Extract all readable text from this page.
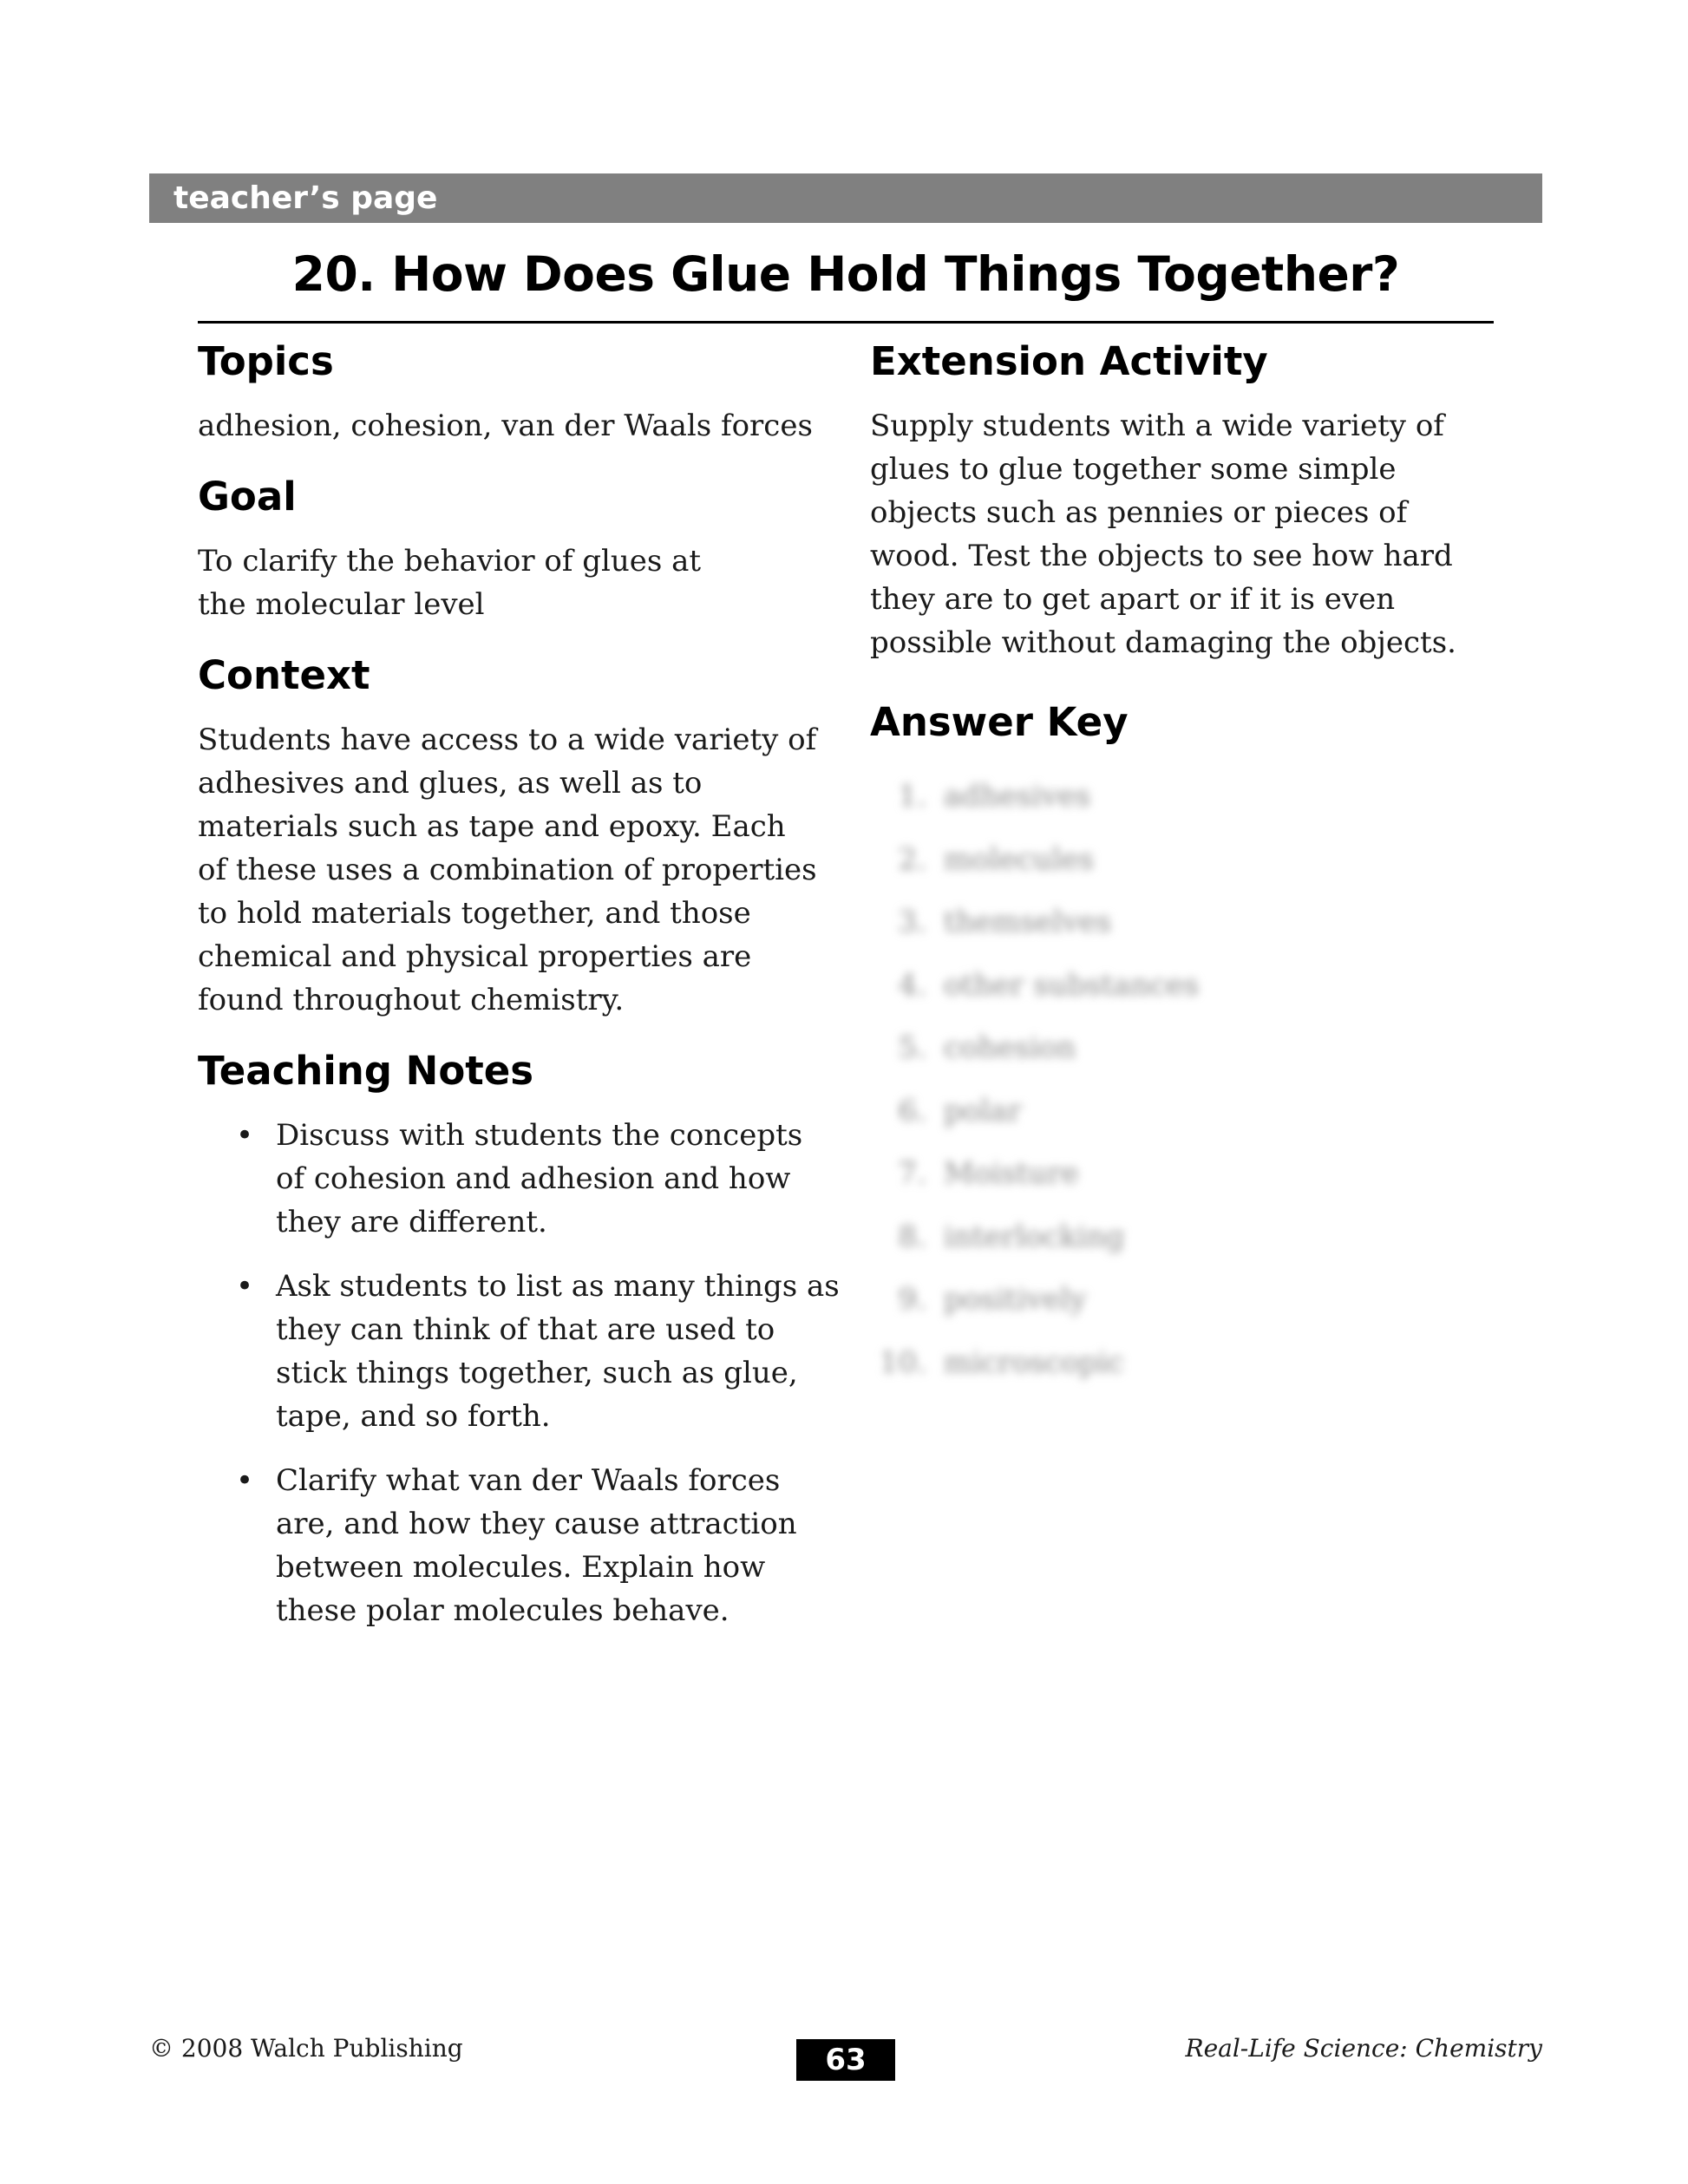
teacher’s page
20. How Does Glue Hold Things Together?
Topics

adhesion, cohesion, van der Waals forces

Goal

To clarify the behavior of glues at the molecular level

Context

Students have access to a wide variety of adhesives and glues, as well as to materials such as tape and epoxy. Each of these uses a combination of properties to hold materials together, and those chemical and physical properties are found throughout chemistry.

Teaching Notes
• Discuss with students the concepts of cohesion and adhesion and how they are different.
• Ask students to list as many things as they can think of that are used to stick things together, such as glue, tape, and so forth.
• Clarify what van der Waals forces are, and how they cause attraction between molecules. Explain how these polar molecules behave.
Extension Activity

Supply students with a wide variety of glues to glue together some simple objects such as pennies or pieces of wood. Test the objects to see how hard they are to get apart or if it is even possible without damaging the objects.

Answer Key
1. adhesives
2. molecules
3. themselves
4. other substances
5. cohesion
6. polar
7. Moisture
8. interlocking
9. positively
10. microscopic
© 2008 Walch Publishing	63	Real-Life Science: Chemistry
